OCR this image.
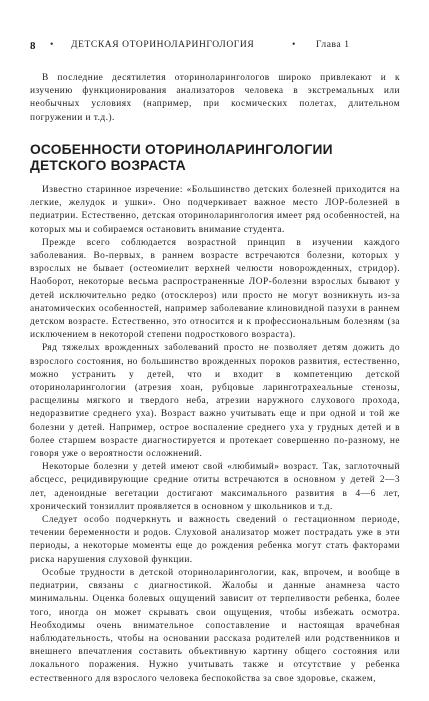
8 • ДЕТСКАЯ ОТОРИНОЛАРИНГОЛОГИЯ	• Глава 1

В последние десятилетия оториноларингологов широко привлекают и к изучению функционирования анализаторов человека в экстремальных или необычных условиях (например, при космических полетах, длительном погружении и т.д.).

ОСОБЕННОСТИ ОТОРИНОЛАРИНГОЛОГИИ
ДЕТСКОГО ВОЗРАСТА

Известно старинное изречение: «Большинство детских болезней приходится на легкие, желудок и ушки». Оно подчеркивает важное место ЛОР-болезней в педиатрии. Естественно, детская оториноларингология имеет ряд особенностей, на которых мы и собираемся остановить внимание студента.

Прежде всего соблюдается возрастной принцип в изучении каждого заболевания. Во-первых, в раннем возрасте встречаются болезни, которых у взрослых не бывает (остеомиелит верхней челюсти новорожденных, стридор). Наоборот, некоторые весьма распространенные ЛОР-болезни взрослых бывают у детей исключительно редко (отосклероз) или просто не могут возникнуть из-за анатомических особенностей, например заболевание клиновидной пазухи в раннем детском возрасте. Естественно, это относится и к профессиональным болезням (за исключением в некоторой степени подросткового возраста).

Ряд тяжелых врожденных заболеваний просто не позволяет детям дожить до взрослого состояния, но большинство врожденных пороков развития, естественно, можно устранить у детей, что и входит в компетенцию детской оториноларингологии (атрезия хоан, рубцовые ларинготрахеальные стенозы, расщелины мягкого и твердого неба, атрезии наружного слухового прохода, недоразвитие среднего уха). Возраст важно учитывать еще и при одной и той же болезни у детей. Например, острое воспаление среднего уха у грудных детей и в более старшем возрасте диагностируется и протекает совершенно по-разному, не говоря уже о вероятности осложнений.

Некоторые болезни у детей имеют свой «любимый» возраст. Так, заглоточный абсцесс, рецидивирующие средние отиты встречаются в основном у детей 2—3 лет, аденоидные вегетации достигают максимального развития в 4—6 лет, хронический тонзиллит проявляется в основном у школьников и т.д.

Следует особо подчеркнуть и важность сведений о гестационном периоде, течении беременности и родов. Слуховой анализатор может пострадать уже в эти периоды, а некоторые моменты еще до рождения ребенка могут стать факторами риска нарушения слуховой функции.

Особые трудности в детской оториноларингологии, как, впрочем, и вообще в педиатрии, связаны с диагностикой. Жалобы и данные анамнеза часто минимальны. Оценка болевых ощущений зависит от терпеливости ребенка, более того, иногда он может скрывать свои ощущения, чтобы избежать осмотра. Необходимы очень внимательное сопоставление и настоящая врачебная наблюдательность, чтобы на основании рассказа родителей или родственников и внешнего впечатления составить объективную картину общего состояния или локального поражения. Нужно учитывать также и отсутствие у ребенка естественного для взрослого человека беспокойства за свое здоровье, скажем,
